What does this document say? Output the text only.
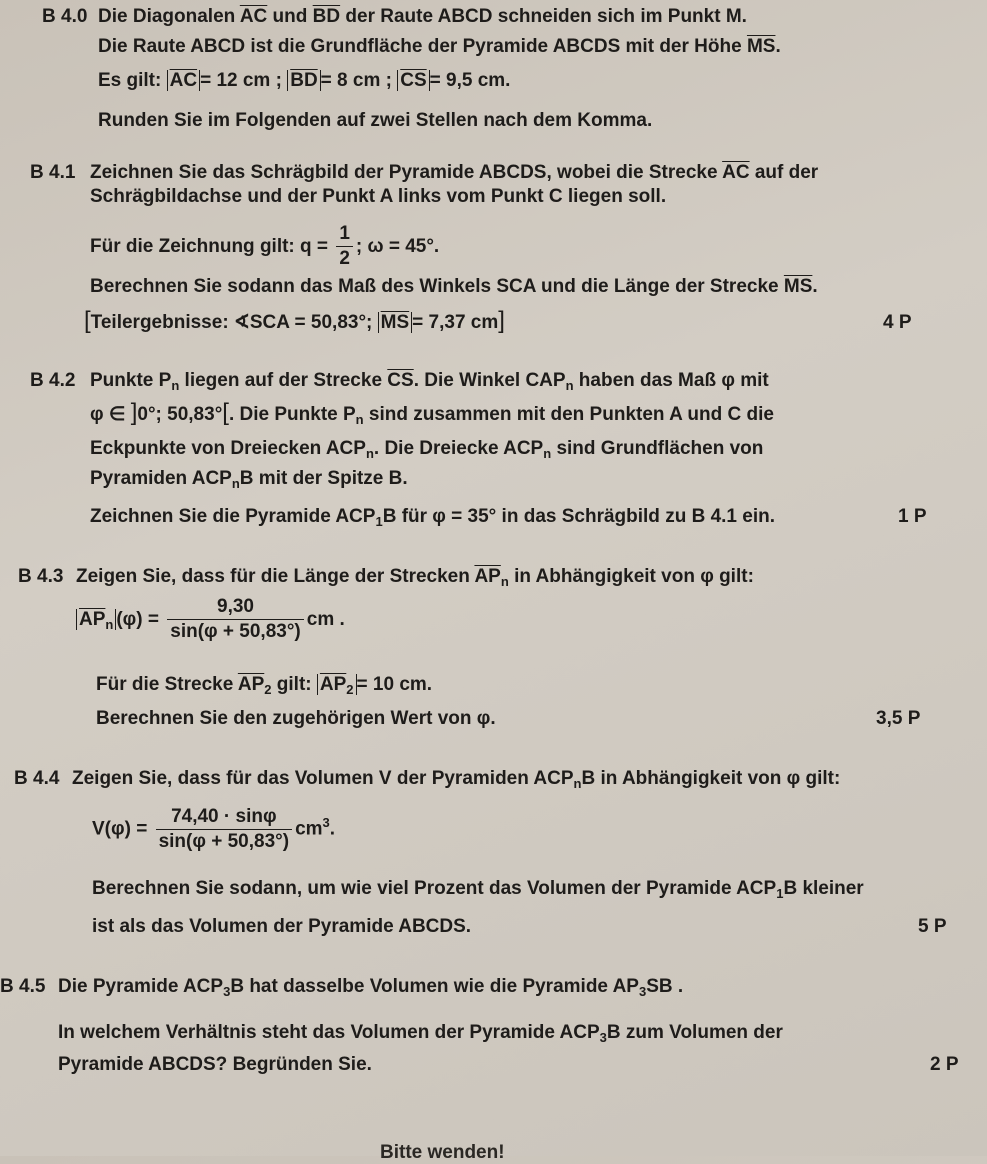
B 4.0 Die Diagonalen $\overline{AC}$ und $\overline{BD}$ der Raute ABCD schneiden sich im Punkt M.
Die Raute ABCD ist die Grundfläche der Pyramide ABCDS mit der Höhe $\overline{MS}$.
Es gilt: $\overline{AC} = 12$ cm ; $\overline{BD} = 8$ cm ; $\overline{CS} = 9,5$ cm.
Runden Sie im Folgenden auf zwei Stellen nach dem Komma.
B 4.1 Zeichnen Sie das Schrägbild der Pyramide ABCDS, wobei die Strecke $\overline{AC}$ auf der
Schrägbildachse und der Punkt A links vom Punkt C liegen soll.
Für die Zeichnung gilt: $q = \frac{1}{2}$ ; ω = 45°.
Berechnen Sie sodann das Maß des Winkels SCA und die Länge der Strecke $\overline{MS}$.
[Teilergebnisse: ∢SCA = 50,83°; $\overline{MS} = 7,37$ cm]	4 P
B 4.2 Punkte $P_n$ liegen auf der Strecke $\overline{CS}$. Die Winkel $CAP_n$ haben das Maß φ mit
φ ∈ ]0°; 50,83°[. Die Punkte $P_n$ sind zusammen mit den Punkten A und C die
Eckpunkte von Dreiecken $ACP_n$. Die Dreiecke $ACP_n$ sind Grundflächen von
Pyramiden $ACP_nB$ mit der Spitze B.
Zeichnen Sie die Pyramide $ACP_1B$ für φ = 35° in das Schrägbild zu B 4.1 ein.	1 P
B 4.3 Zeigen Sie, dass für die Länge der Strecken $\overline{AP}_n$ in Abhängigkeit von φ gilt:
$\overline{AP}_n$ $(\varphi) = \frac{9,30}{\sin(\varphi + 50,83^\circ)}$ cm .
Für die Strecke $\overline{AP}_2$ gilt: $\overline{AP}_2 = 10$ cm.
Berechnen Sie den zugehörigen Wert von φ.	3,5 P
B 4.4 Zeigen Sie, dass für das Volumen V der Pyramiden $ACP_nB$ in Abhängigkeit von φ gilt:
$V(\varphi) = \frac{74,40 \cdot \sin\varphi}{\sin(\varphi + 50,83^\circ)} cm^3$.
Berechnen Sie sodann, um wie viel Prozent das Volumen der Pyramide $ACP_1B$ kleiner
ist als das Volumen der Pyramide ABCDS.	5 P
B 4.5 Die Pyramide $ACP_3B$ hat dasselbe Volumen wie die Pyramide $AP_3SB$ .
In welchem Verhältnis steht das Volumen der Pyramide $ACP_3B$ zum Volumen der
Pyramide ABCDS? Begründen Sie.	2 P
Bitte wenden!
